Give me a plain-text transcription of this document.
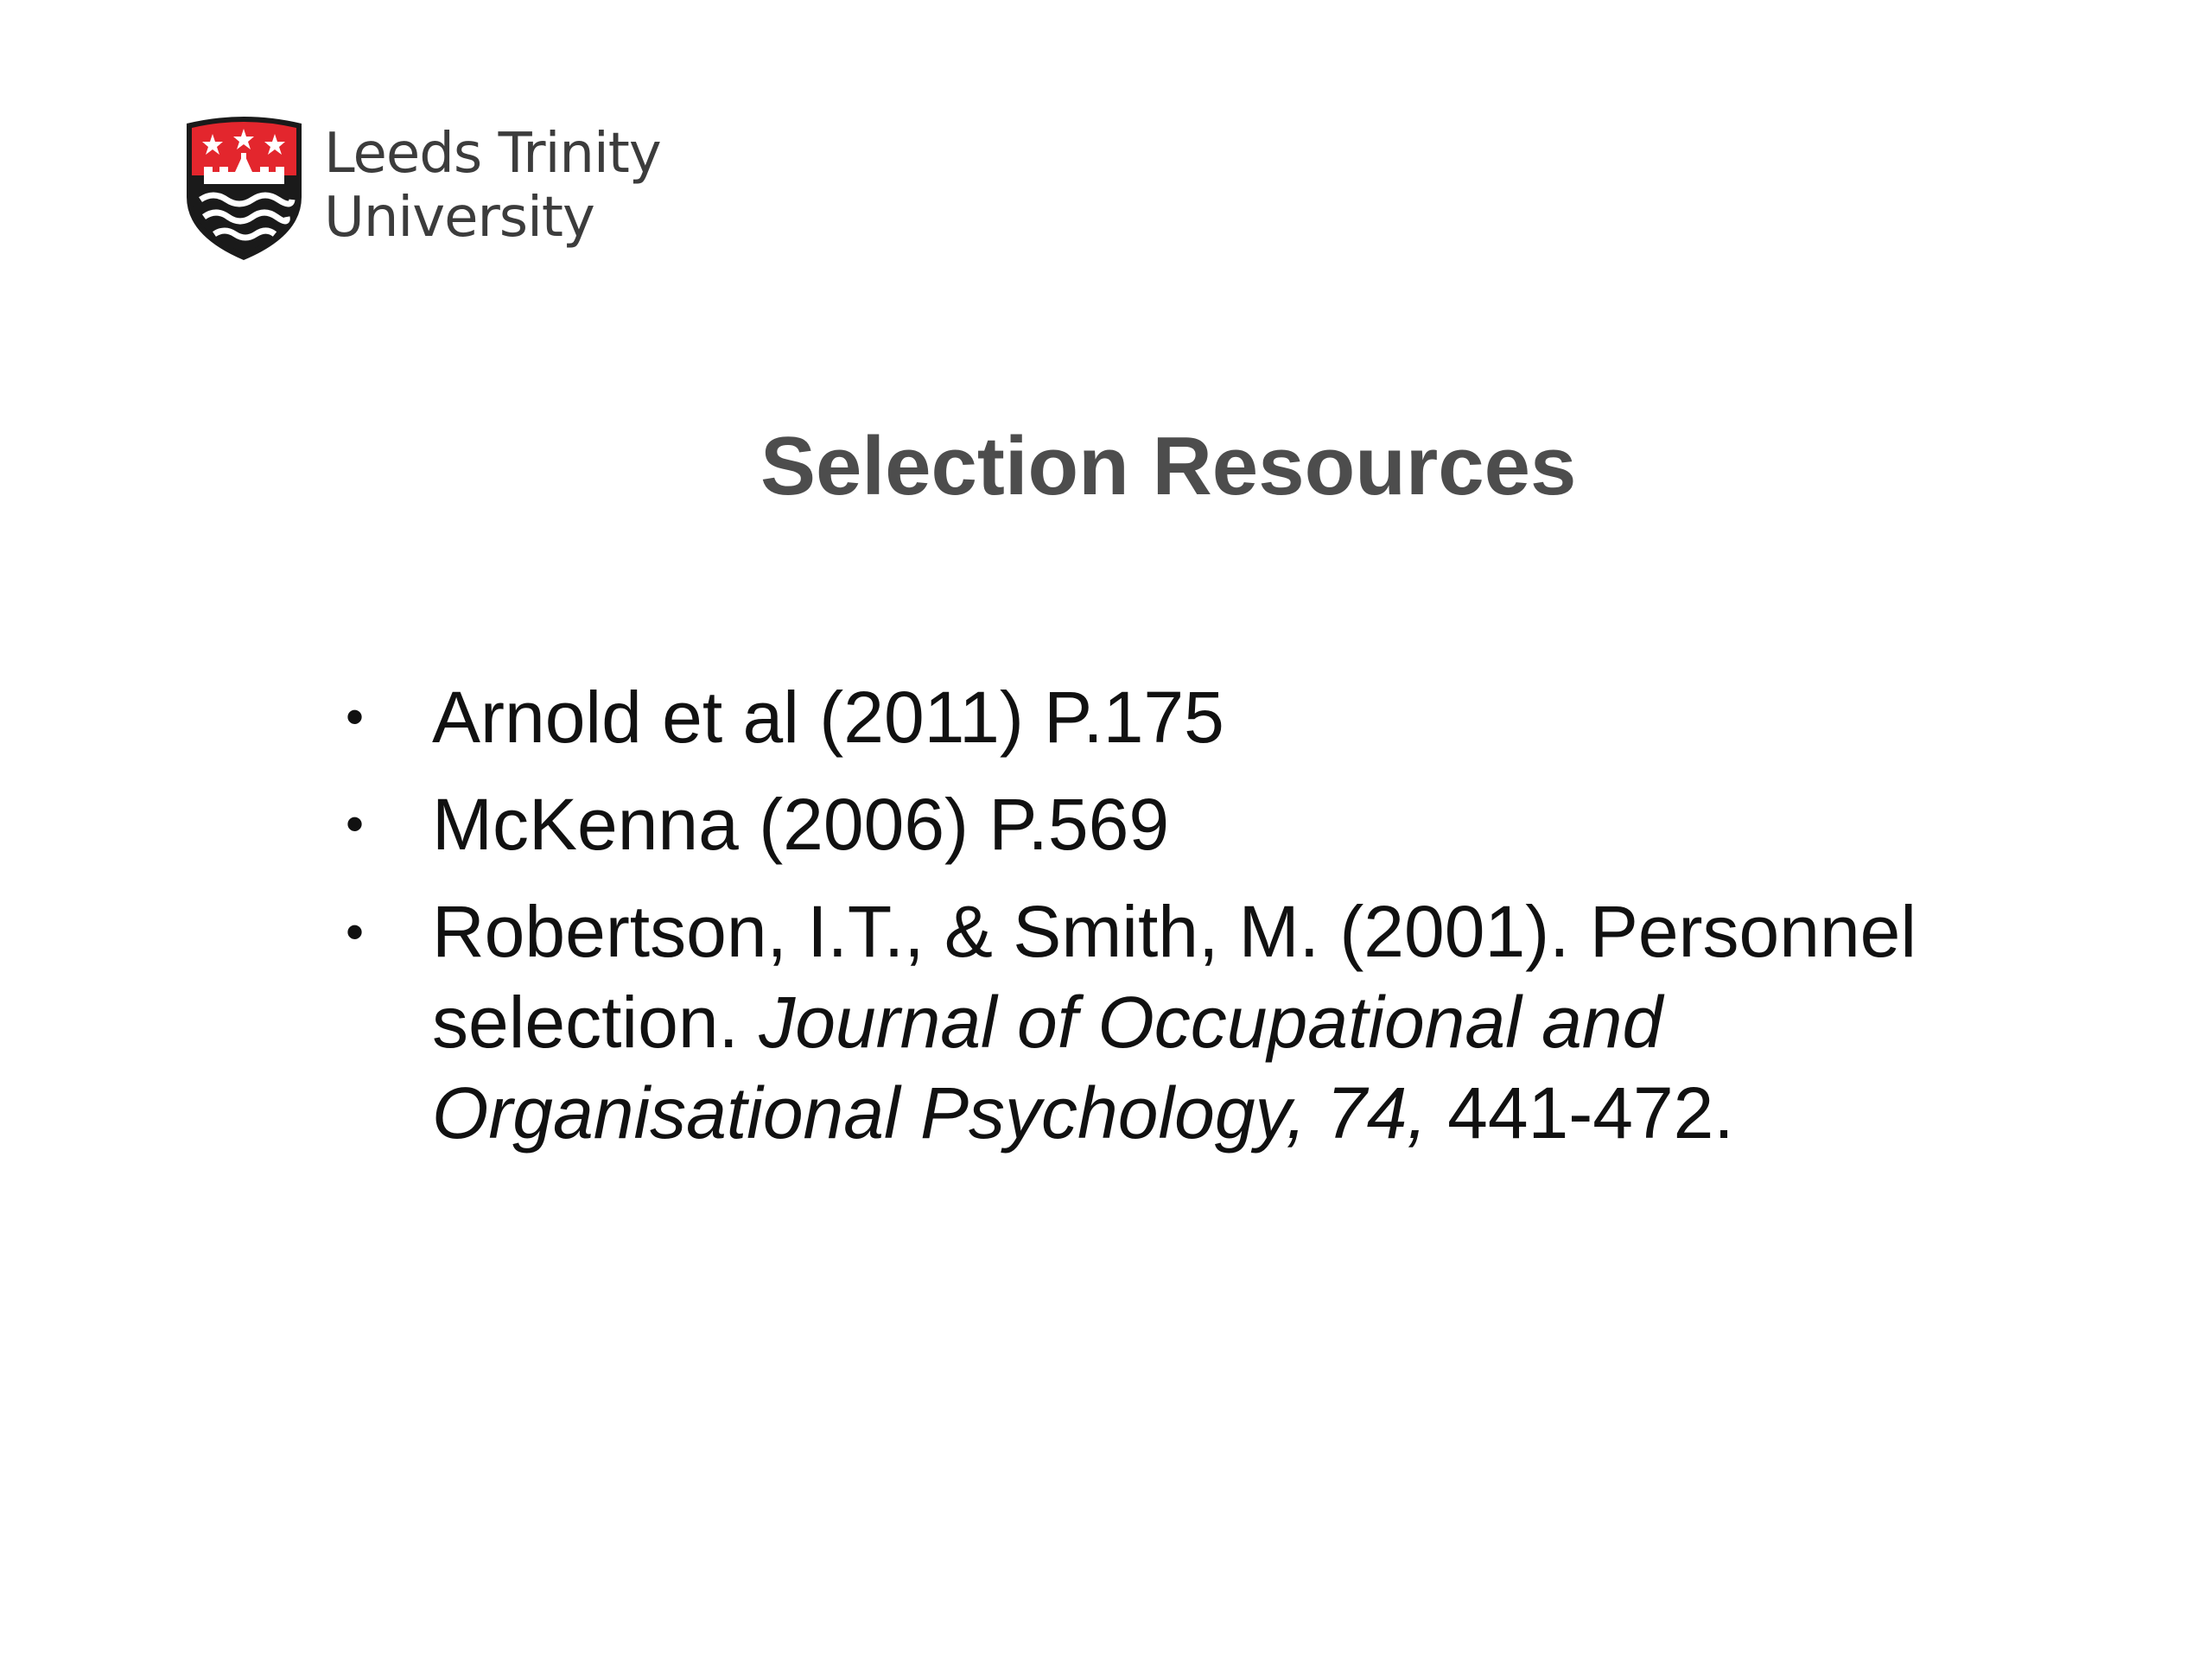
Leeds Trinity
University
Selection Resources
• Arnold et al (2011) P.175
• McKenna (2006) P.569
• Robertson, I.T., & Smith, M. (2001). Personnel selection. Journal of Occupational and Organisational Psychology, 74, 441-472.
